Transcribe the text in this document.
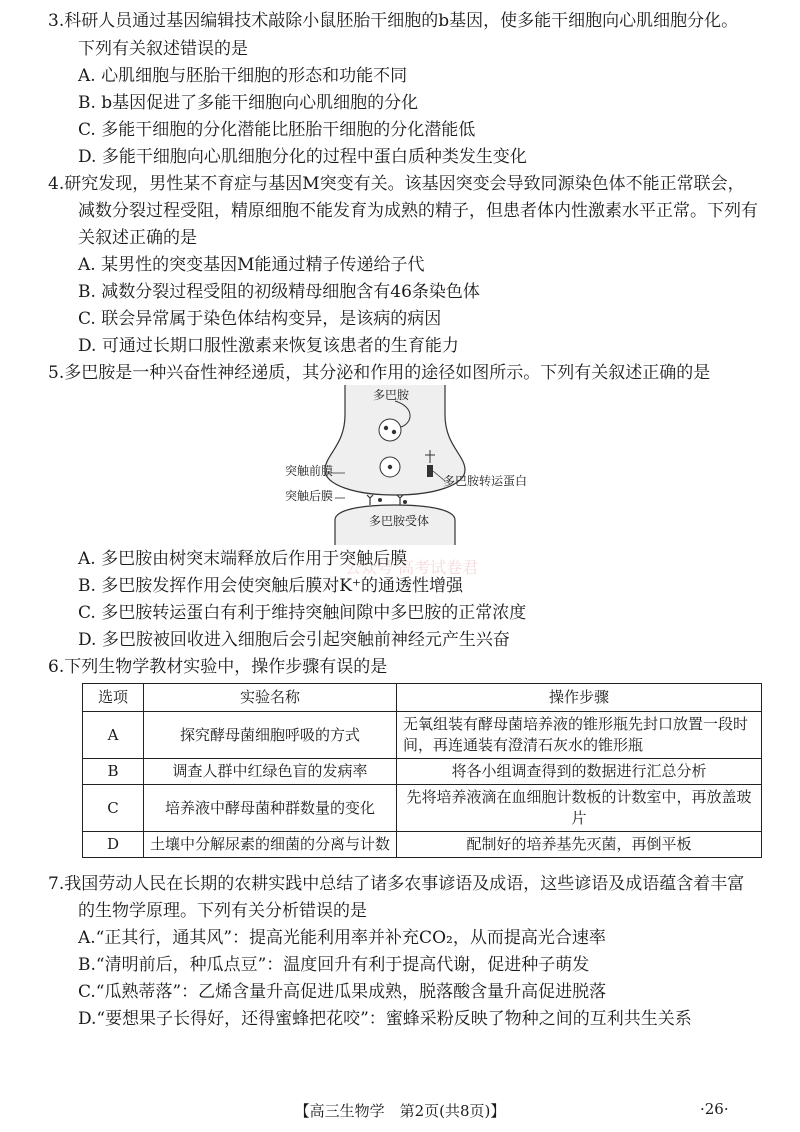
3.科研人员通过基因编辑技术敲除小鼠胚胎干细胞的b基因，使多能干细胞向心肌细胞分化。
下列有关叙述错误的是
A. 心肌细胞与胚胎干细胞的形态和功能不同
B. b基因促进了多能干细胞向心肌细胞的分化
C. 多能干细胞的分化潜能比胚胎干细胞的分化潜能低
D. 多能干细胞向心肌细胞分化的过程中蛋白质种类发生变化
4.研究发现，男性某不育症与基因M突变有关。该基因突变会导致同源染色体不能正常联会，
减数分裂过程受阻，精原细胞不能发育为成熟的精子，但患者体内性激素水平正常。下列有
关叙述正确的是
A. 某男性的突变基因M能通过精子传递给子代
B. 减数分裂过程受阻的初级精母细胞含有46条染色体
C. 联会异常属于染色体结构变异，是该病的病因
D. 可通过长期口服性激素来恢复该患者的生育能力
5.多巴胺是一种兴奋性神经递质，其分泌和作用的途径如图所示。下列有关叙述正确的是
多巴胺
突触前膜
突触后膜
多巴胺转运蛋白
多巴胺受体
公众号 高考试卷君
A. 多巴胺由树突末端释放后作用于突触后膜
B. 多巴胺发挥作用会使突触后膜对K⁺的通透性增强
C. 多巴胺转运蛋白有利于维持突触间隙中多巴胺的正常浓度
D. 多巴胺被回收进入细胞后会引起突触前神经元产生兴奋
6.下列生物学教材实验中，操作步骤有误的是
选项	实验名称	操作步骤
A	探究酵母菌细胞呼吸的方式	无氧组装有酵母菌培养液的锥形瓶先封口放置一段时
间，再连通装有澄清石灰水的锥形瓶

B	调查人群中红绿色盲的发病率	将各小组调查得到的数据进行汇总分析
C	培养液中酵母菌种群数量的变化	先将培养液滴在血细胞计数板的计数室中，再放盖玻片
D	土壤中分解尿素的细菌的分离与计数	配制好的培养基先灭菌，再倒平板
7.我国劳动人民在长期的农耕实践中总结了诸多农事谚语及成语，这些谚语及成语蕴含着丰富
的生物学原理。下列有关分析错误的是
A.“正其行，通其风”：提高光能利用率并补充CO₂，从而提高光合速率
B.“清明前后，种瓜点豆”：温度回升有利于提高代谢，促进种子萌发
C.“瓜熟蒂落”：乙烯含量升高促进瓜果成熟，脱落酸含量升高促进脱落
D.“要想果子长得好，还得蜜蜂把花咬”：蜜蜂采粉反映了物种之间的互利共生关系
【高三生物学　第2页(共8页)】	·26·
